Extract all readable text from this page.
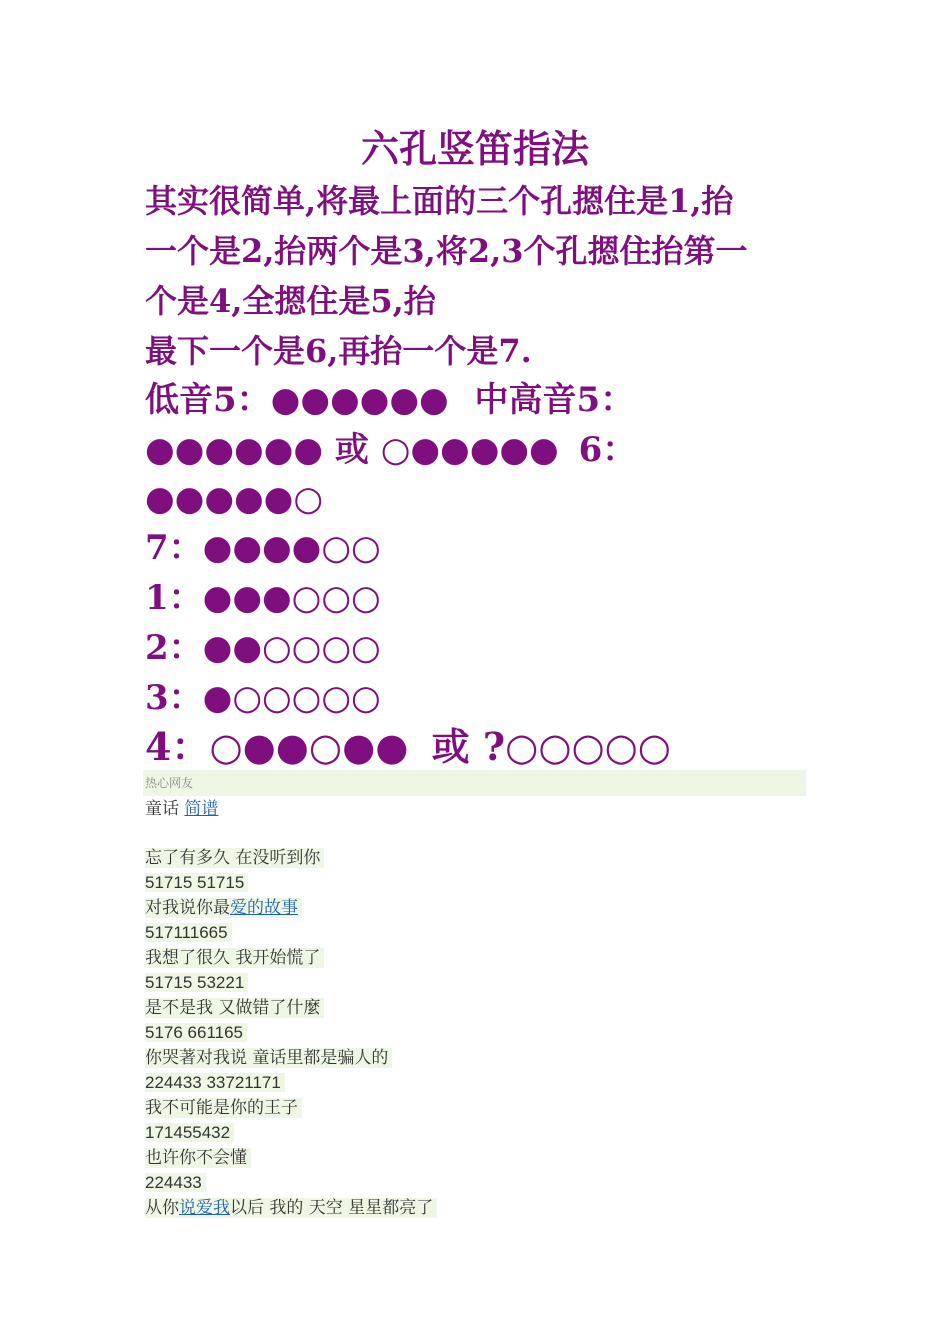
六孔竖笛指法
其实很简单,将最上面的三个孔摁住是1,抬
一个是2,抬两个是3,将2,3个孔摁住抬第一
个是4,全摁住是5,抬
最下一个是6,再抬一个是7.
低音5：●●●●●● 中高音5：
●●●●●● 或 ○●●●●● 6：
●●●●●○
7：●●●●○○
1：●●●○○○
2：●●○○○○
3：●○○○○○
4：○●●○●● 或 ?○○○○○
热心网友
童话 简谱
忘了有多久 在没听到你
51715 51715
对我说你最爱的故事
517111665
我想了很久 我开始慌了
51715 53221
是不是我 又做错了什麼
5176 661165
你哭著对我说 童话里都是骗人的
224433 33721171
我不可能是你的王子
171455432
也许你不会懂
224433
从你说爱我以后 我的 天空 星星都亮了
